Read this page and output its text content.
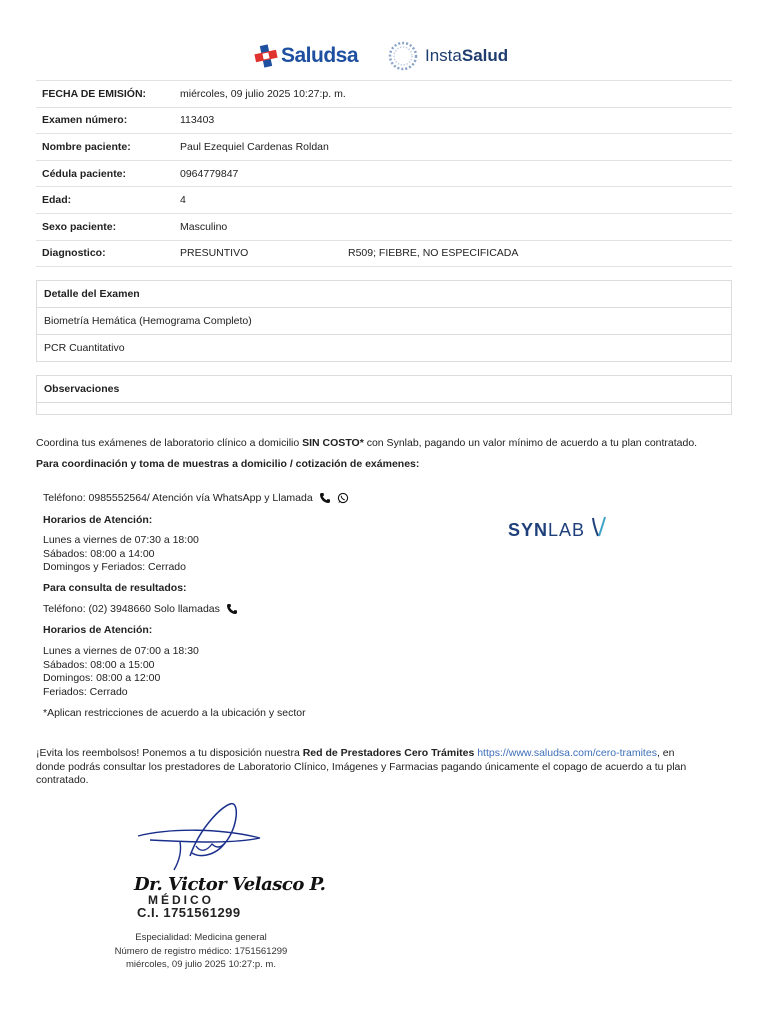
Saludsa	InstaSalud
FECHA DE EMISIÓN:	miércoles, 09 julio 2025 10:27:p. m.	
Examen número:	113403	
Nombre paciente:	Paul Ezequiel Cardenas Roldan	
Cédula paciente:	0964779847	
Edad:	4	
Sexo paciente:	Masculino	
Diagnostico:	PRESUNTIVO	R509; FIEBRE, NO ESPECIFICADA
Detalle del Examen
Biometría Hemática (Hemograma Completo)
PCR Cuantitativo
Observaciones
Coordina tus exámenes de laboratorio clínico a domicilio SIN COSTO* con Synlab, pagando un valor mínimo de acuerdo a tu plan contratado.
Para coordinación y toma de muestras a domicilio / cotización de exámenes:
Teléfono: 0985552564/ Atención vía WhatsApp y Llamada
Horarios de Atención:
Lunes a viernes de 07:30 a 18:00
Sábados: 08:00 a 14:00
Domingos y Feriados: Cerrado
Para consulta de resultados:
Teléfono: (02) 3948660 Solo llamadas
Horarios de Atención:
Lunes a viernes de 07:00 a 18:30
Sábados: 08:00 a 15:00
Domingos: 08:00 a 12:00
Feriados: Cerrado
*Aplican restricciones de acuerdo a la ubicación y sector
SYNLAB
¡Evita los reembolsos! Ponemos a tu disposición nuestra Red de Prestadores Cero Trámites https://www.saludsa.com/cero-tramites, en
donde podrás consultar los prestadores de Laboratorio Clínico, Imágenes y Farmacias pagando únicamente el copago de acuerdo a tu plan
contratado.
Dr. Victor Velasco P.
MÉDICO
C.I. 1751561299
Especialidad: Medicina general
Número de registro médico: 1751561299
miércoles, 09 julio 2025 10:27:p. m.
